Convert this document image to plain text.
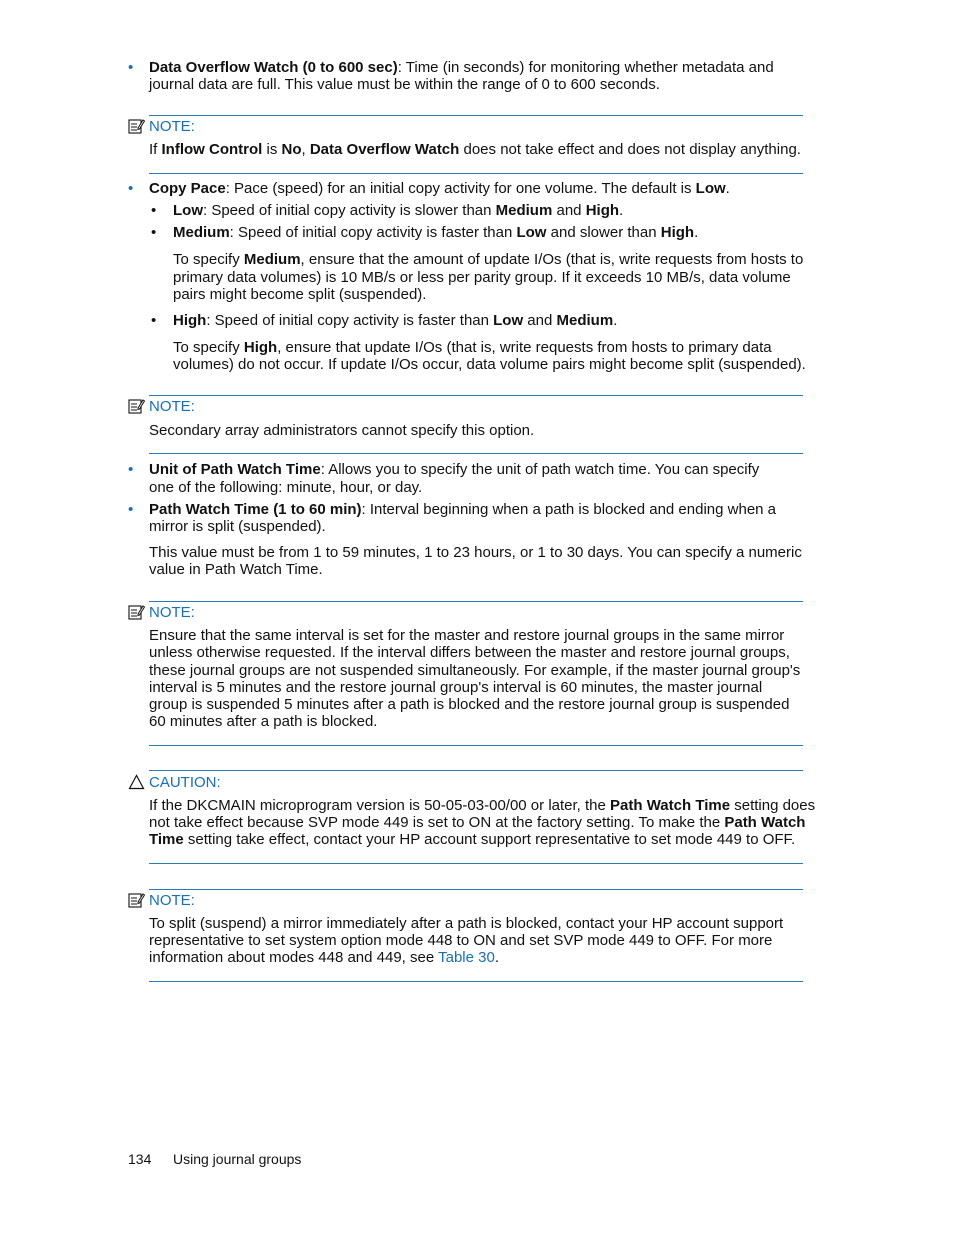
• Data Overflow Watch (0 to 600 sec): Time (in seconds) for monitoring whether metadata and

journal data are full. This value must be within the range of 0 to 600 seconds.

NOTE:

If Inflow Control is No, Data Overflow Watch does not take effect and does not display anything.

• Copy Pace: Pace (speed) for an initial copy activity for one volume. The default is Low.

• Low: Speed of initial copy activity is slower than Medium and High.

• Medium: Speed of initial copy activity is faster than Low and slower than High.

To specify Medium, ensure that the amount of update I/Os (that is, write requests from hosts to

primary data volumes) is 10 MB/s or less per parity group. If it exceeds 10 MB/s, data volume

pairs might become split (suspended).

• High: Speed of initial copy activity is faster than Low and Medium.

To specify High, ensure that update I/Os (that is, write requests from hosts to primary data

volumes) do not occur. If update I/Os occur, data volume pairs might become split (suspended).

NOTE:

Secondary array administrators cannot specify this option.

• Unit of Path Watch Time: Allows you to specify the unit of path watch time. You can specify

one of the following: minute, hour, or day.

• Path Watch Time (1 to 60 min): Interval beginning when a path is blocked and ending when a

mirror is split (suspended).

This value must be from 1 to 59 minutes, 1 to 23 hours, or 1 to 30 days. You can specify a numeric

value in Path Watch Time.

NOTE:

Ensure that the same interval is set for the master and restore journal groups in the same mirror

unless otherwise requested. If the interval differs between the master and restore journal groups,

these journal groups are not suspended simultaneously. For example, if the master journal group's

interval is 5 minutes and the restore journal group's interval is 60 minutes, the master journal

group is suspended 5 minutes after a path is blocked and the restore journal group is suspended

60 minutes after a path is blocked.

CAUTION:

If the DKCMAIN microprogram version is 50-05-03-00/00 or later, the Path Watch Time setting does

not take effect because SVP mode 449 is set to ON at the factory setting. To make the Path Watch

Time setting take effect, contact your HP account support representative to set mode 449 to OFF.

NOTE:

To split (suspend) a mirror immediately after a path is blocked, contact your HP account support

representative to set system option mode 448 to ON and set SVP mode 449 to OFF. For more

information about modes 448 and 449, see Table 30.

134 Using journal groups
